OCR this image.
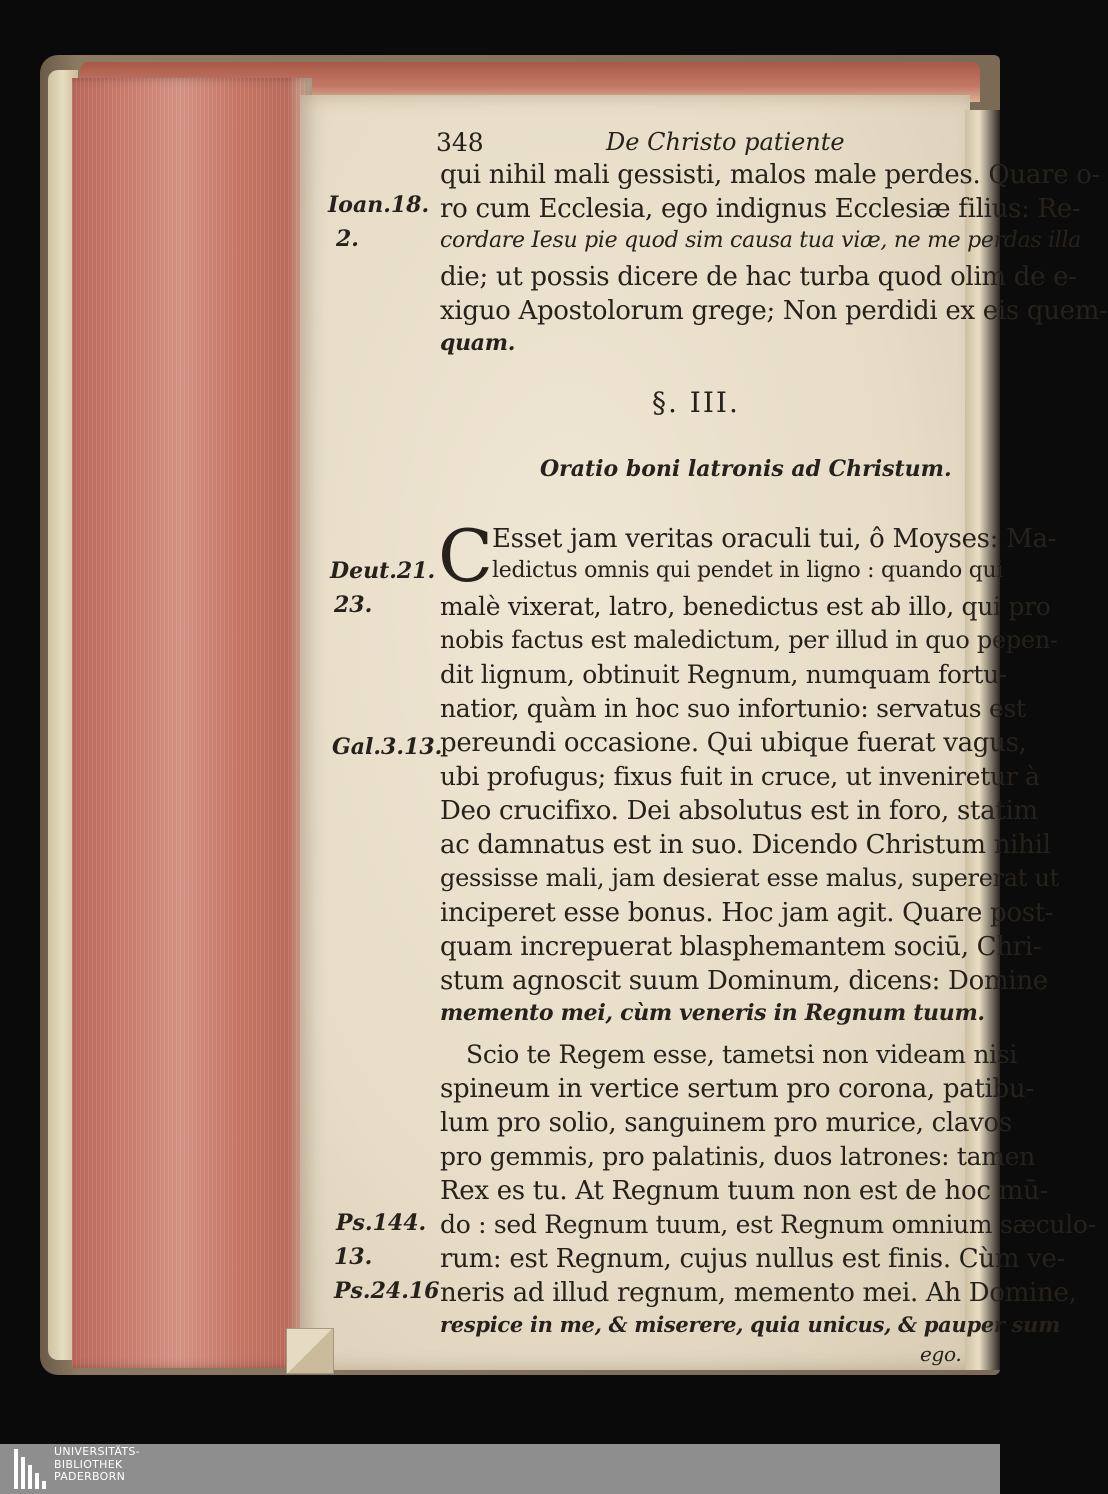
348	De Christo patiente
Ioan.18.
2.
Deut.21.
23.
Gal.3.13.
Ps.144.
13.
Ps.24.16
qui nihil mali gessisti, malos male perdes. Quare o-
ro cum Ecclesia, ego indignus Ecclesiæ filius: Re-
cordare Iesu pie quod sim causa tua viæ, ne me perdas illa
die; ut possis dicere de hac turba quod olim de e-
xiguo Apostolorum grege; Non perdidi ex eis quem-
quam.
§. III.
Oratio boni latronis ad Christum.
C
Esset jam veritas oraculi tui, ô Moyses: Ma-
ledictus omnis qui pendet in ligno : quando qui
malè vixerat, latro, benedictus est ab illo, qui pro
nobis factus est maledictum, per illud in quo pepen-
dit lignum, obtinuit Regnum, numquam fortu-
natior, quàm in hoc suo infortunio: servatus est
pereundi occasione. Qui ubique fuerat vagus,
ubi profugus; fixus fuit in cruce, ut inveniretur à
Deo crucifixo. Dei absolutus est in foro, statim
ac damnatus est in suo. Dicendo Christum nihil
gessisse mali, jam desierat esse malus, supererat ut
inciperet esse bonus. Hoc jam agit. Quare post-
quam increpuerat blasphemantem sociū, Chri-
stum agnoscit suum Dominum, dicens: Domine
memento mei, cùm veneris in Regnum tuum.
Scio te Regem esse, tametsi non videam nisi
spineum in vertice sertum pro corona, patibu-
lum pro solio, sanguinem pro murice, clavos
pro gemmis, pro palatinis, duos latrones: tamen
Rex es tu. At Regnum tuum non est de hoc mū-
do : sed Regnum tuum, est Regnum omnium sæculo-
rum: est Regnum, cujus nullus est finis. Cùm ve-
neris ad illud regnum, memento mei. Ah Domine,
respice in me, & miserere, quia unicus, & pauper sum
ego.
UNIVERSITÄTS-
BIBLIOTHEK
PADERBORN
